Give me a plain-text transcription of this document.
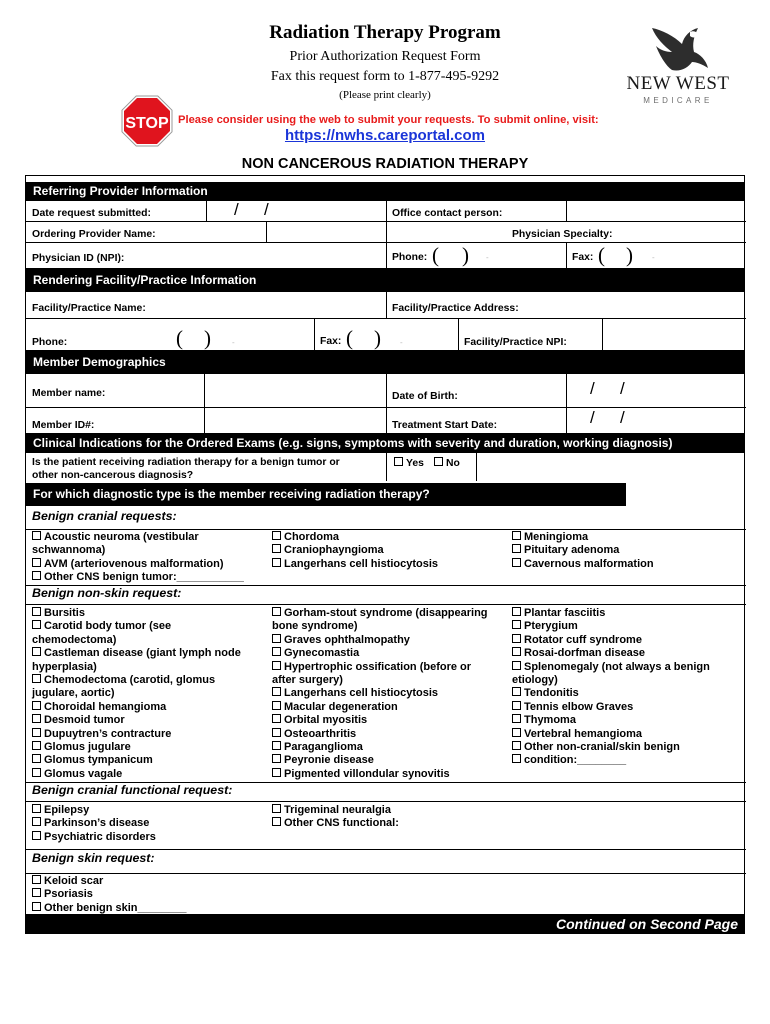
Radiation Therapy Program
Prior Authorization Request Form
Fax this request form to 1-877-495-9292
(Please print clearly)
NEW WEST
MEDICARE
STOP Please consider using the web to submit your requests. To submit online, visit:
https://nwhs.careportal.com
NON CANCEROUS RADIATION THERAPY
Referring Provider Information
Date request submitted:	/ /	Office contact person:
Ordering Provider Name:	Physician Specialty:
Physician ID (NPI):	Phone: ( ) -	Fax: ( ) -
Rendering Facility/Practice Information
Facility/Practice Name:	Facility/Practice Address:
Phone:	( )	-	Fax: ( ) -	Facility/Practice NPI:
Member Demographics
Member name:	Date of Birth:	/ /
Member ID#:	Treatment Start Date:	/ /
Clinical Indications for the Ordered Exams (e.g. signs, symptoms with severity and duration, working diagnosis)
Is the patient receiving radiation therapy for a benign tumor or
other non-cancerous diagnosis?
Yes	No
For which diagnostic type is the member receiving radiation therapy?
Benign cranial requests:
Acoustic neuroma (vestibular
schwannoma)
AVM (arteriovenous malformation)
Other CNS benign tumor:___________
Chordoma
Craniophayngioma
Langerhans cell histiocytosis
Meningioma
Pituitary adenoma
Cavernous malformation
Benign non-skin request:
Bursitis
Carotid body tumor (see
chemodectoma)
Castleman disease (giant lymph node
hyperplasia)
Chemodectoma (carotid, glomus
jugulare, aortic)
Choroidal hemangioma
Desmoid tumor
Dupuytren’s contracture
Glomus jugulare
Glomus tympanicum
Glomus vagale
Gorham-stout syndrome (disappearing
bone syndrome)
Graves ophthalmopathy
Gynecomastia
Hypertrophic ossification (before or
after surgery)
Langerhans cell histiocytosis
Macular degeneration
Orbital myositis
Osteoarthritis
Paraganglioma
Peyronie disease
Pigmented villondular synovitis
Plantar fasciitis
Pterygium
Rotator cuff syndrome
Rosai-dorfman disease
Splenomegaly (not always a benign
etiology)
Tendonitis
Tennis elbow Graves
Thymoma
Vertebral hemangioma
Other non-cranial/skin benign
condition:________
Benign cranial functional request:
Epilepsy
Parkinson’s disease
Psychiatric disorders
Trigeminal neuralgia
Other CNS functional:
Benign skin request:
Keloid scar
Psoriasis
Other benign skin________
Continued on Second Page
